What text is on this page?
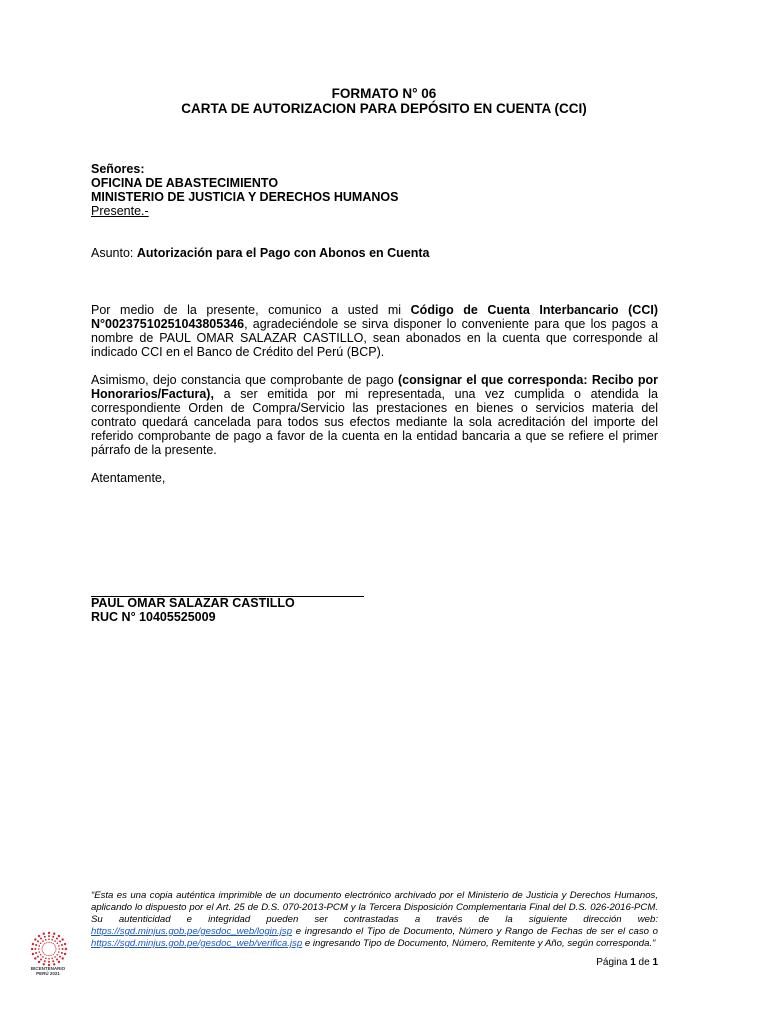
FORMATO N° 06
CARTA DE AUTORIZACION PARA DEPÓSITO EN CUENTA (CCI)
Señores:
OFICINA DE ABASTECIMIENTO
MINISTERIO DE JUSTICIA Y DERECHOS HUMANOS
Presente.-
Asunto: Autorización para el Pago con Abonos en Cuenta
Por medio de la presente, comunico a usted mi Código de Cuenta Interbancario (CCI) N°00237510251043805346, agradeciéndole se sirva disponer lo conveniente para que los pagos a nombre de PAUL OMAR SALAZAR CASTILLO, sean abonados en la cuenta que corresponde al indicado CCI en el Banco de Crédito del Perú (BCP).
Asimismo, dejo constancia que comprobante de pago (consignar el que corresponda: Recibo por Honorarios/Factura), a ser emitida por mi representada, una vez cumplida o atendida la correspondiente Orden de Compra/Servicio las prestaciones en bienes o servicios materia del contrato quedará cancelada para todos sus efectos mediante la sola acreditación del importe del referido comprobante de pago a favor de la cuenta en la entidad bancaria a que se refiere el primer párrafo de la presente.
Atentamente,
PAUL OMAR SALAZAR CASTILLO
RUC N° 10405525009
BICENTENARIO
PERÚ 2021
“Esta es una copia auténtica imprimible de un documento electrónico archivado por el Ministerio de Justicia y Derechos Humanos, aplicando lo dispuesto por el Art. 25 de D.S. 070-2013-PCM y la Tercera Disposición Complementaria Final del D.S. 026-2016-PCM. Su autenticidad e integridad pueden ser contrastadas a través de la siguiente dirección web: https://sgd.minjus.gob.pe/gesdoc_web/login.jsp e ingresando el Tipo de Documento, Número y Rango de Fechas de ser el caso o https://sgd.minjus.gob.pe/gesdoc_web/verifica.jsp e ingresando Tipo de Documento, Número, Remitente y Año, según corresponda.”
Página 1 de 1
